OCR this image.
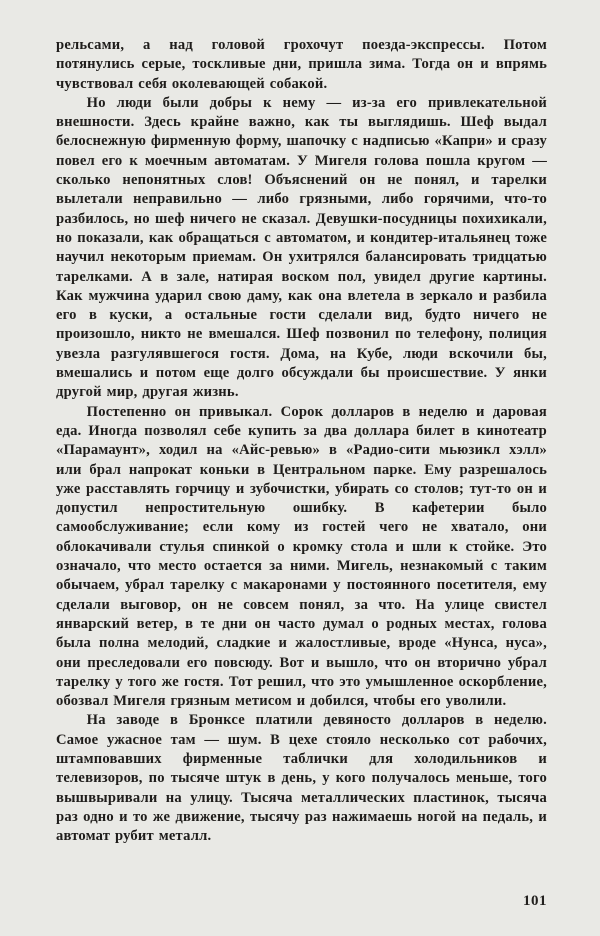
рельсами, а над головой грохочут поезда-экспрессы. Потом потянулись серые, тоскливые дни, пришла зима. Тогда он и впрямь чувствовал себя околевающей собакой.

Но люди были добры к нему — из-за его привлекательной внешности. Здесь крайне важно, как ты выглядишь. Шеф выдал белоснежную фирменную форму, шапочку с надписью «Капри» и сразу повел его к моечным автоматам. У Мигеля голова пошла кругом — сколько непонятных слов! Объяснений он не понял, и тарелки вылетали неправильно — либо грязными, либо горячими, что-то разбилось, но шеф ничего не сказал. Девушки-посудницы похихикали, но показали, как обращаться с автоматом, и кондитер-итальянец тоже научил некоторым приемам. Он ухитрялся балансировать тридцатью тарелками. А в зале, натирая воском пол, увидел другие картины. Как мужчина ударил свою даму, как она влетела в зеркало и разбила его в куски, а остальные гости сделали вид, будто ничего не произошло, никто не вмешался. Шеф позвонил по телефону, полиция увезла разгулявшегося гостя. Дома, на Кубе, люди вскочили бы, вмешались и потом еще долго обсуждали бы происшествие. У янки другой мир, другая жизнь.

Постепенно он привыкал. Сорок долларов в неделю и даровая еда. Иногда позволял себе купить за два доллара билет в кинотеатр «Парамаунт», ходил на «Айс-ревью» в «Радио-сити мьюзикл хэлл» или брал напрокат коньки в Центральном парке. Ему разрешалось уже расставлять горчицу и зубочистки, убирать со столов; тут-то он и допустил непростительную ошибку. В кафетерии было самообслуживание; если кому из гостей чего не хватало, они облокачивали стулья спинкой о кромку стола и шли к стойке. Это означало, что место остается за ними. Мигель, незнакомый с таким обычаем, убрал тарелку с макаронами у постоянного посетителя, ему сделали выговор, он не совсем понял, за что. На улице свистел январский ветер, в те дни он часто думал о родных местах, голова была полна мелодий, сладкие и жалостливые, вроде «Нунса, нуса», они преследовали его повсюду. Вот и вышло, что он вторично убрал тарелку у того же гостя. Тот решил, что это умышленное оскорбление, обозвал Мигеля грязным метисом и добился, чтобы его уволили.

На заводе в Бронксе платили девяносто долларов в неделю. Самое ужасное там — шум. В цехе стояло несколько сот рабочих, штамповавших фирменные таблички для холодильников и телевизоров, по тысяче штук в день, у кого получалось меньше, того вышвыривали на улицу. Тысяча металлических пластинок, тысяча раз одно и то же движение, тысячу раз нажимаешь ногой на педаль, и автомат рубит металл.

101
